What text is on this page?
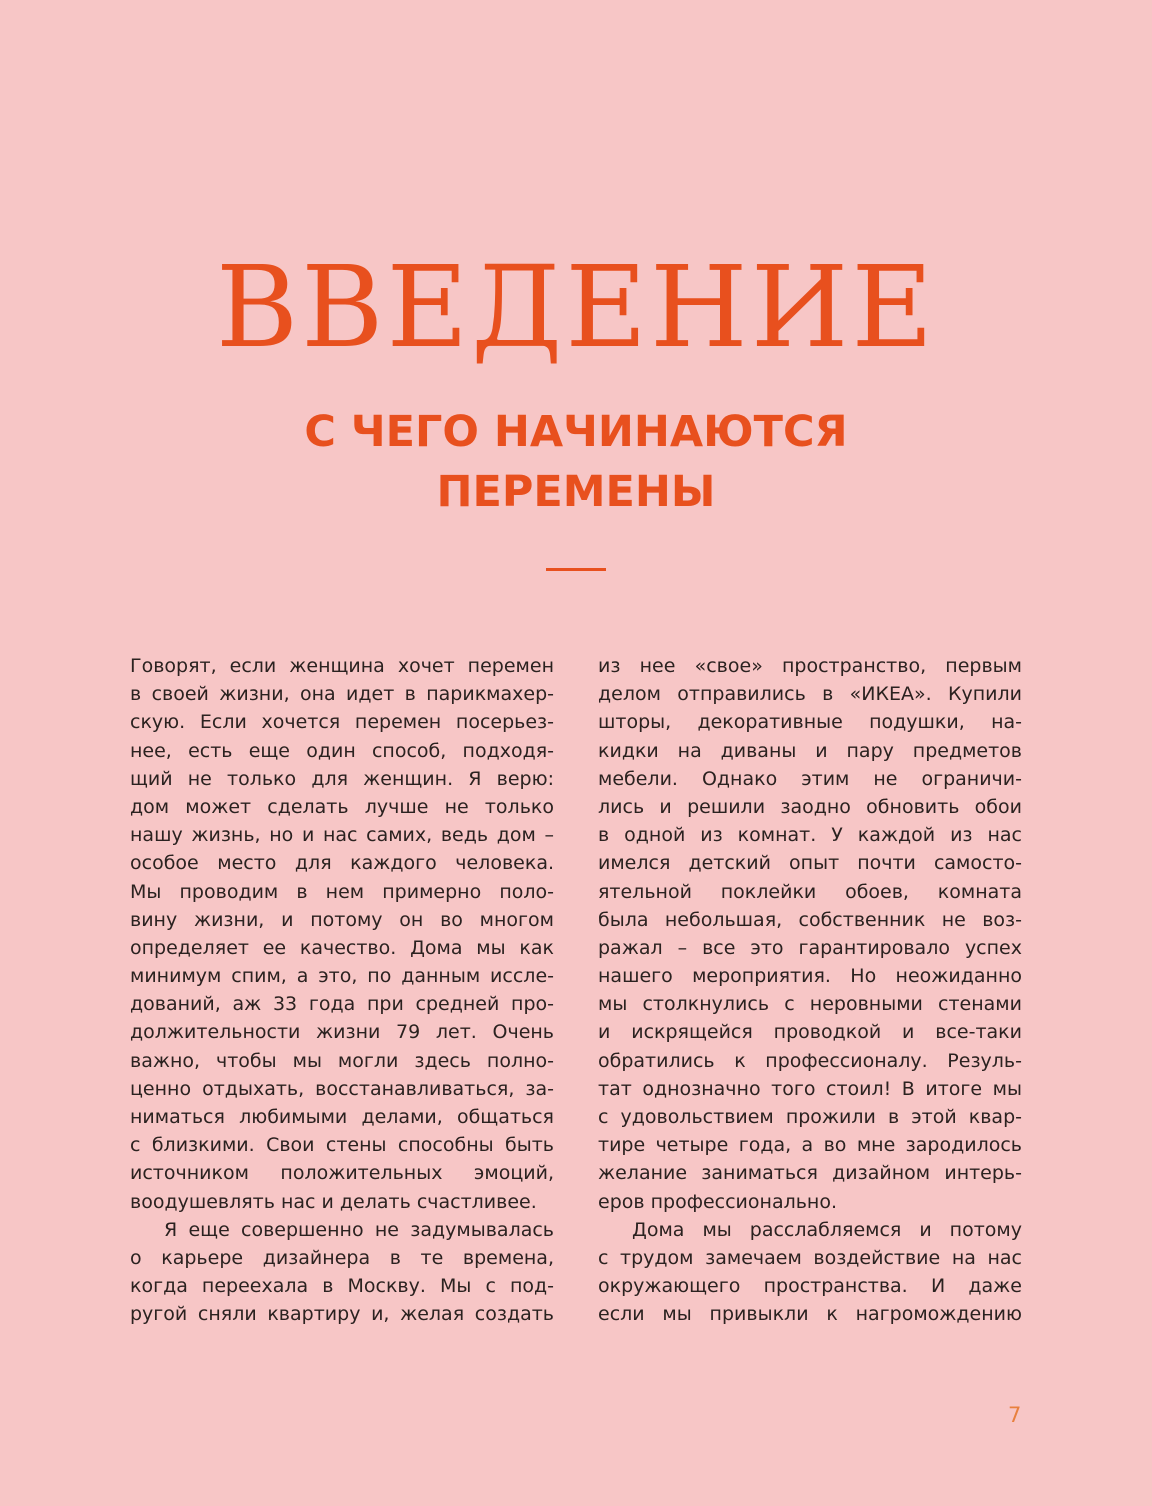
ВВЕДЕНИЕ
С ЧЕГО НАЧИНАЮТСЯ
ПЕРЕМЕНЫ
Говорят, если женщина хочет перемен
в своей жизни, она идет в парикмахер-
скую. Если хочется перемен посерьез-
нее, есть еще один способ, подходя-
щий не только для женщин. Я верю:
дом может сделать лучше не только
нашу жизнь, но и нас самих, ведь дом –
особое место для каждого человека.
Мы проводим в нем примерно поло-
вину жизни, и потому он во многом
определяет ее качество. Дома мы как
минимум спим, а это, по данным иссле-
дований, аж 33 года при средней про-
должительности жизни 79 лет. Очень
важно, чтобы мы могли здесь полно-
ценно отдыхать, восстанавливаться, за-
ниматься любимыми делами, общаться
с близкими. Свои стены способны быть
источником положительных эмоций,
воодушевлять нас и делать счастливее.
Я еще совершенно не задумывалась
о карьере дизайнера в те времена,
когда переехала в Москву. Мы с под-
ругой сняли квартиру и, желая создать
из нее «свое» пространство, первым
делом отправились в «ИКЕА». Купили
шторы, декоративные подушки, на-
кидки на диваны и пару предметов
мебели. Однако этим не ограничи-
лись и решили заодно обновить обои
в одной из комнат. У каждой из нас
имелся детский опыт почти самосто-
ятельной поклейки обоев, комната
была небольшая, собственник не воз-
ражал – все это гарантировало успех
нашего мероприятия. Но неожиданно
мы столкнулись с неровными стенами
и искрящейся проводкой и все-таки
обратились к профессионалу. Резуль-
тат однозначно того стоил! В итоге мы
с удовольствием прожили в этой квар-
тире четыре года, а во мне зародилось
желание заниматься дизайном интерь-
еров профессионально.
Дома мы расслабляемся и потому
с трудом замечаем воздействие на нас
окружающего пространства. И даже
если мы привыкли к нагромождению
7
